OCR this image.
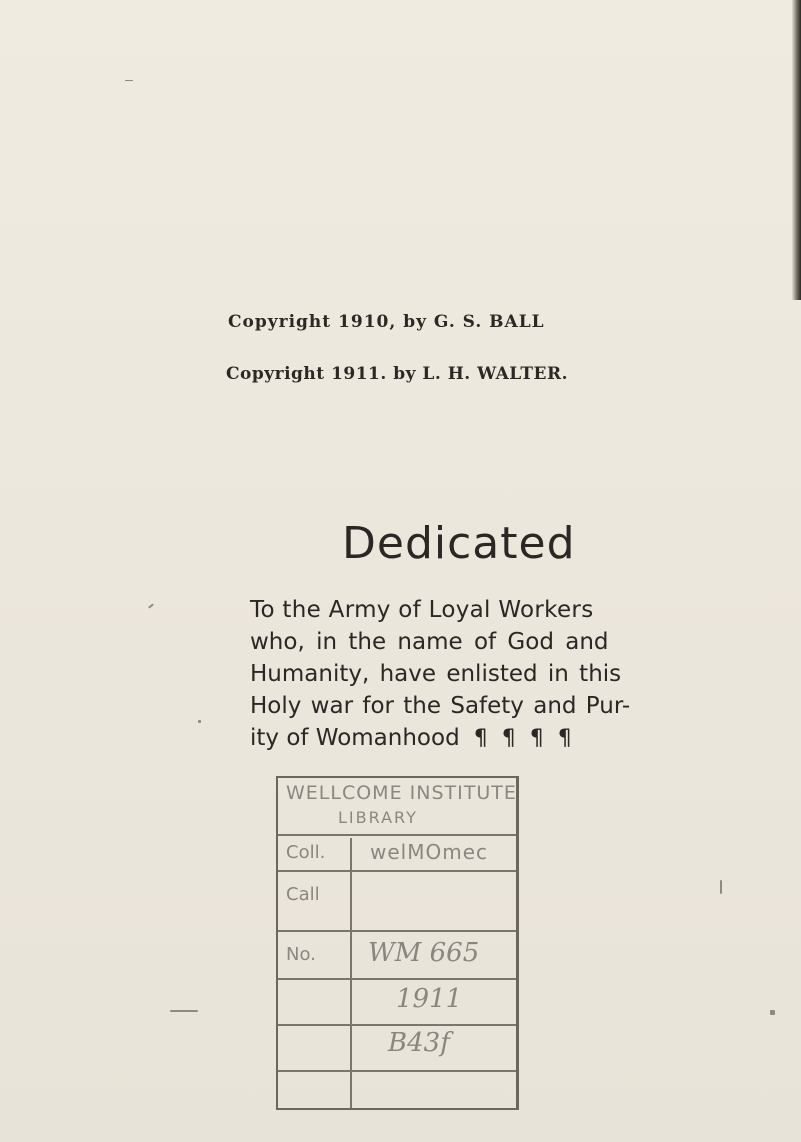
Copyright 1910, by G. S. BALL
Copyright 1911. by L. H. WALTER.
Dedicated
To the Army of Loyal Workers
who, in the name of God and
Humanity, have enlisted in this
Holy war for the Safety and Pur-
ity of Womanhood ¶ ¶ ¶ ¶
WELLCOME INSTITUTE
LIBRARY
Coll. welMOmec
Call
No. WM 665
1911
B43f
